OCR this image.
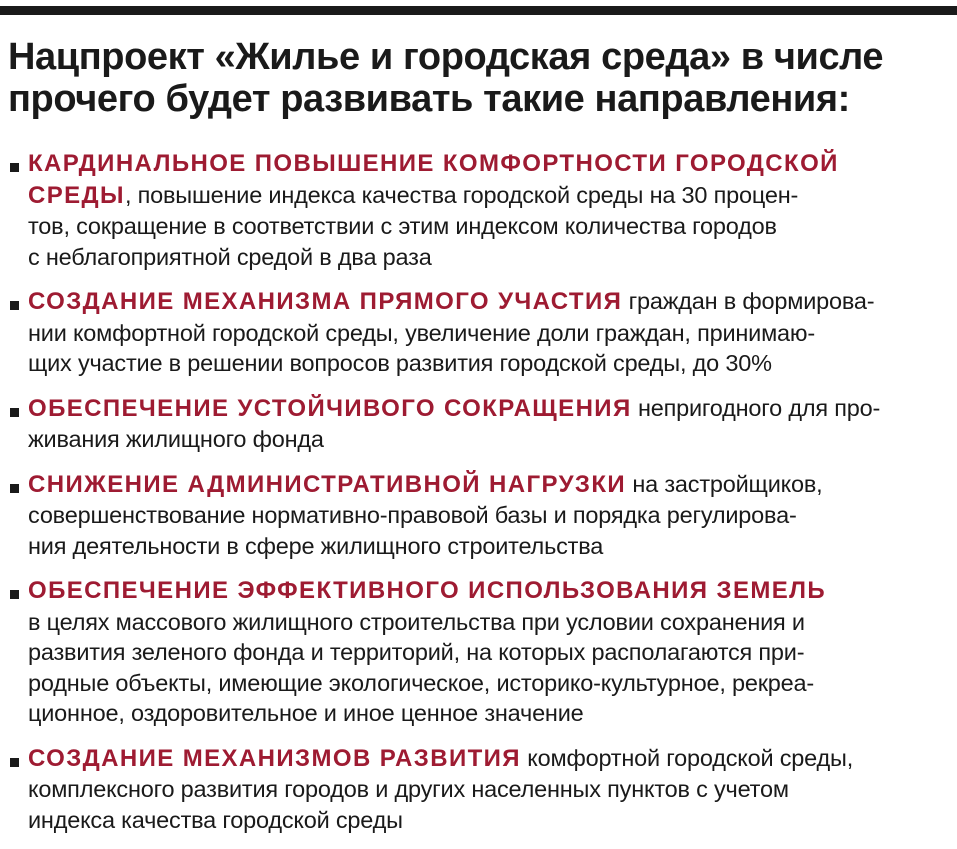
Нацпроект «Жилье и городская среда» в числе
прочего будет развивать такие направления:
КАРДИНАЛЬНОЕ ПОВЫШЕНИЕ КОМФОРТНОСТИ ГОРОДСКОЙ
СРЕДЫ, повышение индекса качества городской среды на 30 процен-
тов, сокращение в соответствии с этим индексом количества городов
с неблагоприятной средой в два раза
СОЗДАНИЕ МЕХАНИЗМА ПРЯМОГО УЧАСТИЯ граждан в формирова-
нии комфортной городской среды, увеличение доли граждан, принимаю-
щих участие в решении вопросов развития городской среды, до 30%
ОБЕСПЕЧЕНИЕ УСТОЙЧИВОГО СОКРАЩЕНИЯ непригодного для про-
живания жилищного фонда
СНИЖЕНИЕ АДМИНИСТРАТИВНОЙ НАГРУЗКИ на застройщиков,
совершенствование нормативно-правовой базы и порядка регулирова-
ния деятельности в сфере жилищного строительства
ОБЕСПЕЧЕНИЕ ЭФФЕКТИВНОГО ИСПОЛЬЗОВАНИЯ ЗЕМЕЛЬ
в целях массового жилищного строительства при условии сохранения и
развития зеленого фонда и территорий, на которых располагаются при-
родные объекты, имеющие экологическое, историко-культурное, рекреа-
ционное, оздоровительное и иное ценное значение
СОЗДАНИЕ МЕХАНИЗМОВ РАЗВИТИЯ комфортной городской среды,
комплексного развития городов и других населенных пунктов с учетом
индекса качества городской среды
